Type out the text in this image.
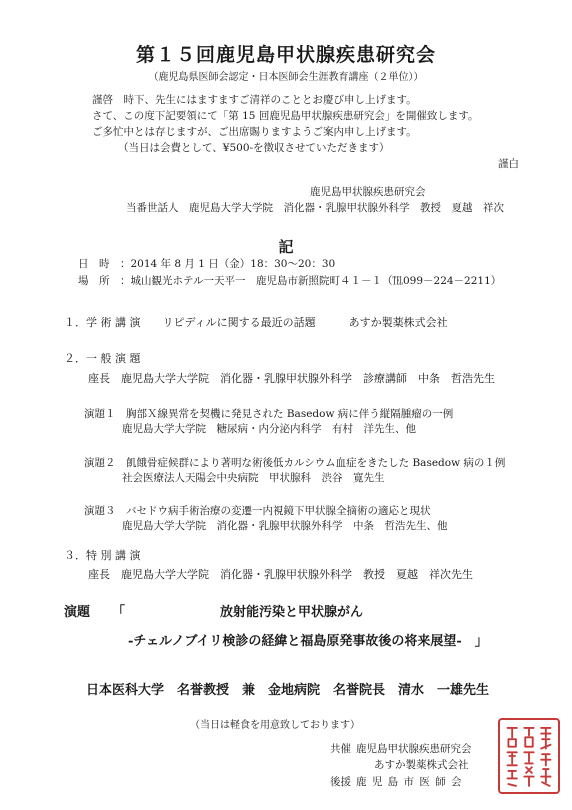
第１５回鹿児島甲状腺疾患研究会
（鹿児島県医師会認定・日本医師会生涯教育講座（２単位））
謹啓　時下、先生にはますますご清祥のこととお慶び申し上げます。
さて、この度下記要領にて「第 15 回鹿児島甲状腺疾患研究会」を開催致します。
ご多忙中とは存じますが、ご出席賜りますようご案内申し上げます。
（当日は会費として、¥500-を徴収させていただきます）
謹白
鹿児島甲状腺疾患研究会
当番世話人　鹿児島大学大学院　消化器・乳腺甲状腺外科学　教授　夏越　祥次
記
日　時　：2014 年 8 月 1 日（金）18：30～20：30
場　所　：城山観光ホテル一天平一　鹿児島市新照院町４１－１（℡099－224－2211）
１．学 術 講 演　　リピディルに関する最近の話題　　　あすか製薬株式会社
２．一 般 演 題
座長　鹿児島大学大学院　消化器・乳腺甲状腺外科学　診療講師　中条　哲浩先生
演題１　胸部Ｘ線異常を契機に発見された Basedow 病に伴う縦隔腫瘤の一例
鹿児島大学大学院　糖尿病・内分泌内科学　有村　洋先生、他
演題２　飢餓骨症候群により著明な術後低カルシウム血症をきたした Basedow 病の１例
社会医療法人天陽会中央病院　甲状腺科　渋谷　寛先生
演題３　バセドウ病手術治療の変遷一内視鏡下甲状腺全摘術の適応と現状
鹿児島大学大学院　消化器・乳腺甲状腺外科学　中条　哲浩先生、他
３．特 別 講 演
座長　鹿児島大学大学院　消化器・乳腺甲状腺外科学　教授　夏越　祥次先生
演題 「	放射能汚染と甲状腺がん
-チェルノブイリ検診の経緯と福島原発事故後の将来展望-　」
日本医科大学　名誉教授　兼　金地病院　名誉院長　清水　一雄先生
（当日は軽食を用意致しております）
共催 鹿児島甲状腺疾患研究会
あすか製薬株式会社
後援 鹿 児 島 市 医 師 会
